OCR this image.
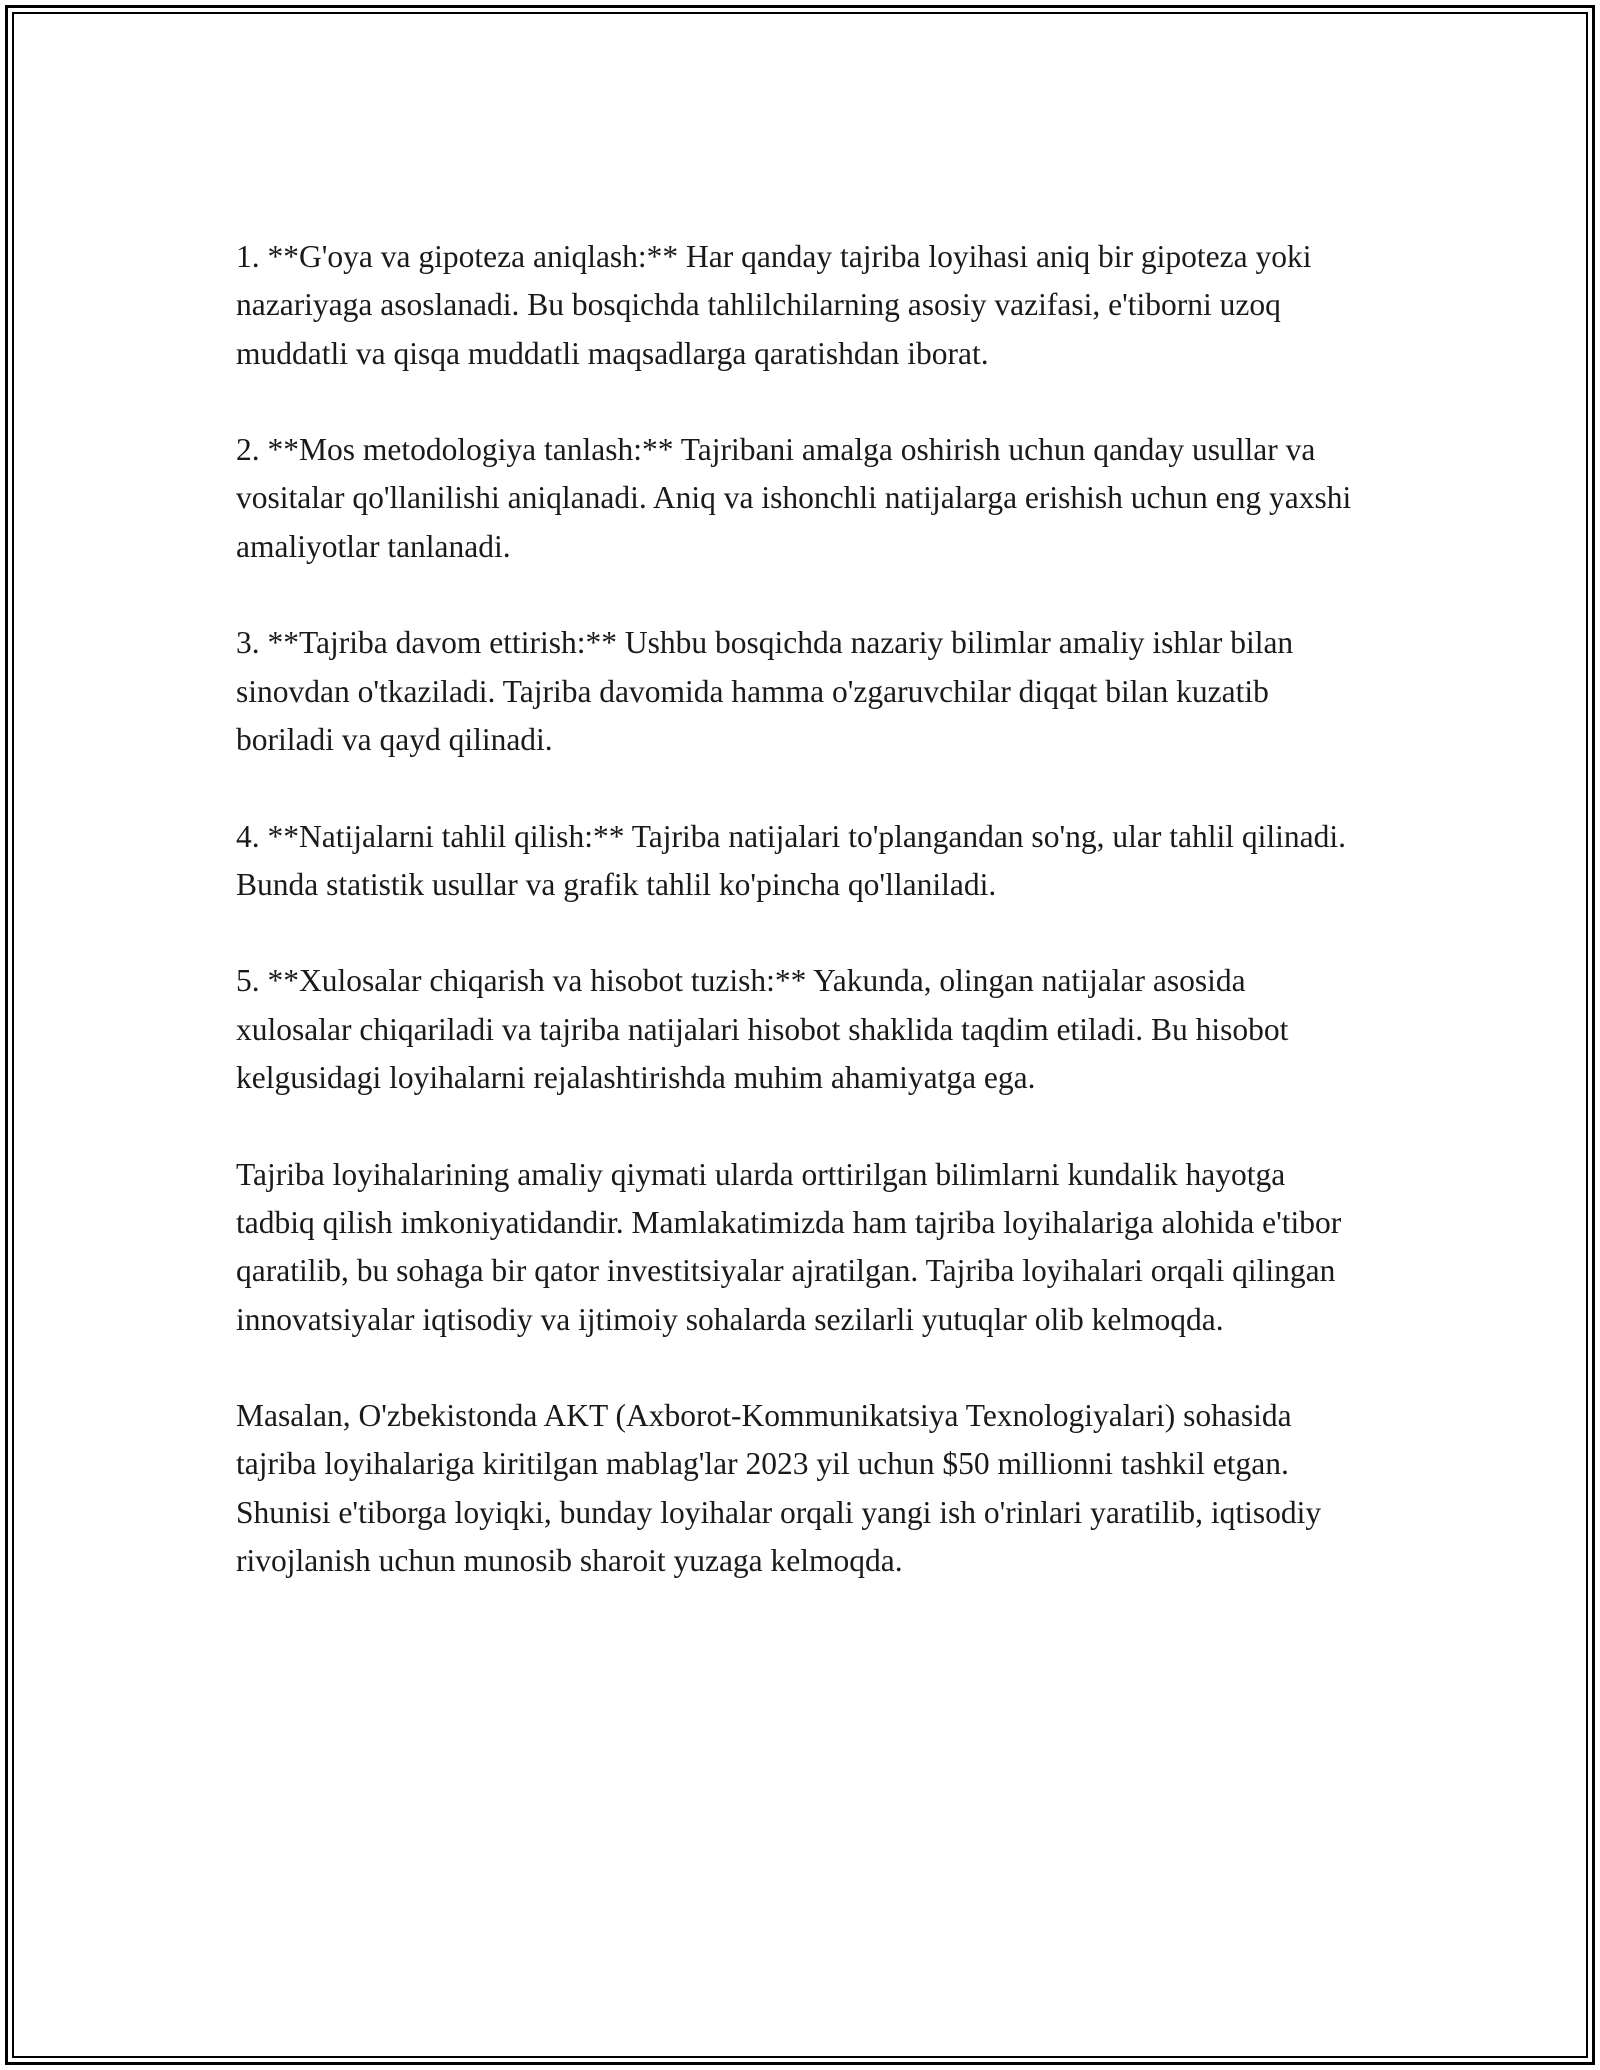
1. **G'oya va gipoteza aniqlash:** Har qanday tajriba loyihasi aniq bir gipoteza yoki nazariyaga asoslanadi. Bu bosqichda tahlilchilarning asosiy vazifasi, e'tiborni uzoq muddatli va qisqa muddatli maqsadlarga qaratishdan iborat.

2. **Mos metodologiya tanlash:** Tajribani amalga oshirish uchun qanday usullar va vositalar qo'llanilishi aniqlanadi. Aniq va ishonchli natijalarga erishish uchun eng yaxshi amaliyotlar tanlanadi.

3. **Tajriba davom ettirish:** Ushbu bosqichda nazariy bilimlar amaliy ishlar bilan sinovdan o'tkaziladi. Tajriba davomida hamma o'zgaruvchilar diqqat bilan kuzatib boriladi va qayd qilinadi.

4. **Natijalarni tahlil qilish:** Tajriba natijalari to'plangandan so'ng, ular tahlil qilinadi. Bunda statistik usullar va grafik tahlil ko'pincha qo'llaniladi.

5. **Xulosalar chiqarish va hisobot tuzish:** Yakunda, olingan natijalar asosida xulosalar chiqariladi va tajriba natijalari hisobot shaklida taqdim etiladi. Bu hisobot kelgusidagi loyihalarni rejalashtirishda muhim ahamiyatga ega.

Tajriba loyihalarining amaliy qiymati ularda orttirilgan bilimlarni kundalik hayotga tadbiq qilish imkoniyatidandir. Mamlakatimizda ham tajriba loyihalariga alohida e'tibor qaratilib, bu sohaga bir qator investitsiyalar ajratilgan. Tajriba loyihalari orqali qilingan innovatsiyalar iqtisodiy va ijtimoiy sohalarda sezilarli yutuqlar olib kelmoqda.

Masalan, O'zbekistonda AKT (Axborot-Kommunikatsiya Texnologiyalari) sohasida tajriba loyihalariga kiritilgan mablag'lar 2023 yil uchun $50 millionni tashkil etgan. Shunisi e'tiborga loyiqki, bunday loyihalar orqali yangi ish o'rinlari yaratilib, iqtisodiy rivojlanish uchun munosib sharoit yuzaga kelmoqda.
